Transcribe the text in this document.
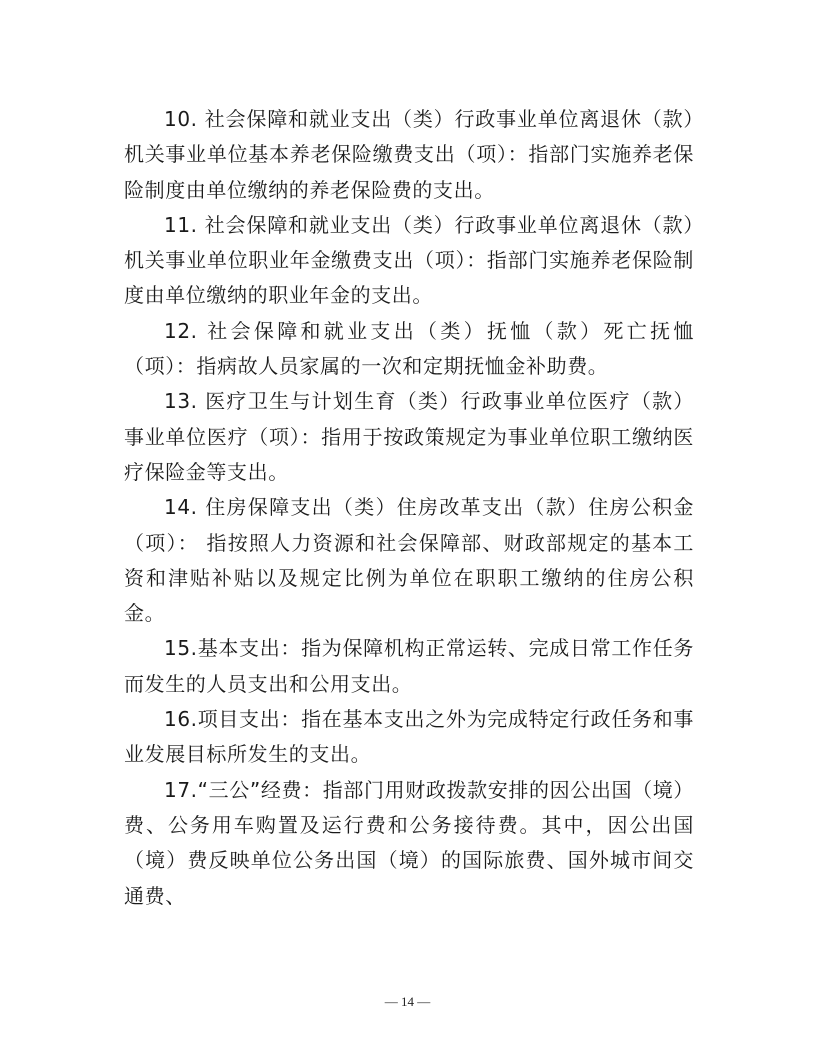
10. 社会保障和就业支出（类）行政事业单位离退休（款）机关事业单位基本养老保险缴费支出（项）：指部门实施养老保险制度由单位缴纳的养老保险费的支出。

11. 社会保障和就业支出（类）行政事业单位离退休（款）机关事业单位职业年金缴费支出（项）：指部门实施养老保险制度由单位缴纳的职业年金的支出。

12. 社会保障和就业支出（类）抚恤（款）死亡抚恤（项）：指病故人员家属的一次和定期抚恤金补助费。

13. 医疗卫生与计划生育（类）行政事业单位医疗（款） 事业单位医疗（项）：指用于按政策规定为事业单位职工缴纳医疗保险金等支出。

14. 住房保障支出（类）住房改革支出（款）住房公积金（项）： 指按照人力资源和社会保障部、财政部规定的基本工资和津贴补贴以及规定比例为单位在职职工缴纳的住房公积金。

15.基本支出：指为保障机构正常运转、完成日常工作任务而发生的人员支出和公用支出。

16.项目支出：指在基本支出之外为完成特定行政任务和事业发展目标所发生的支出。

17.“三公”经费：指部门用财政拨款安排的因公出国（境）费、公务用车购置及运行费和公务接待费。其中，因公出国（境）费反映单位公务出国（境）的国际旅费、国外城市间交通费、

— 14 —
